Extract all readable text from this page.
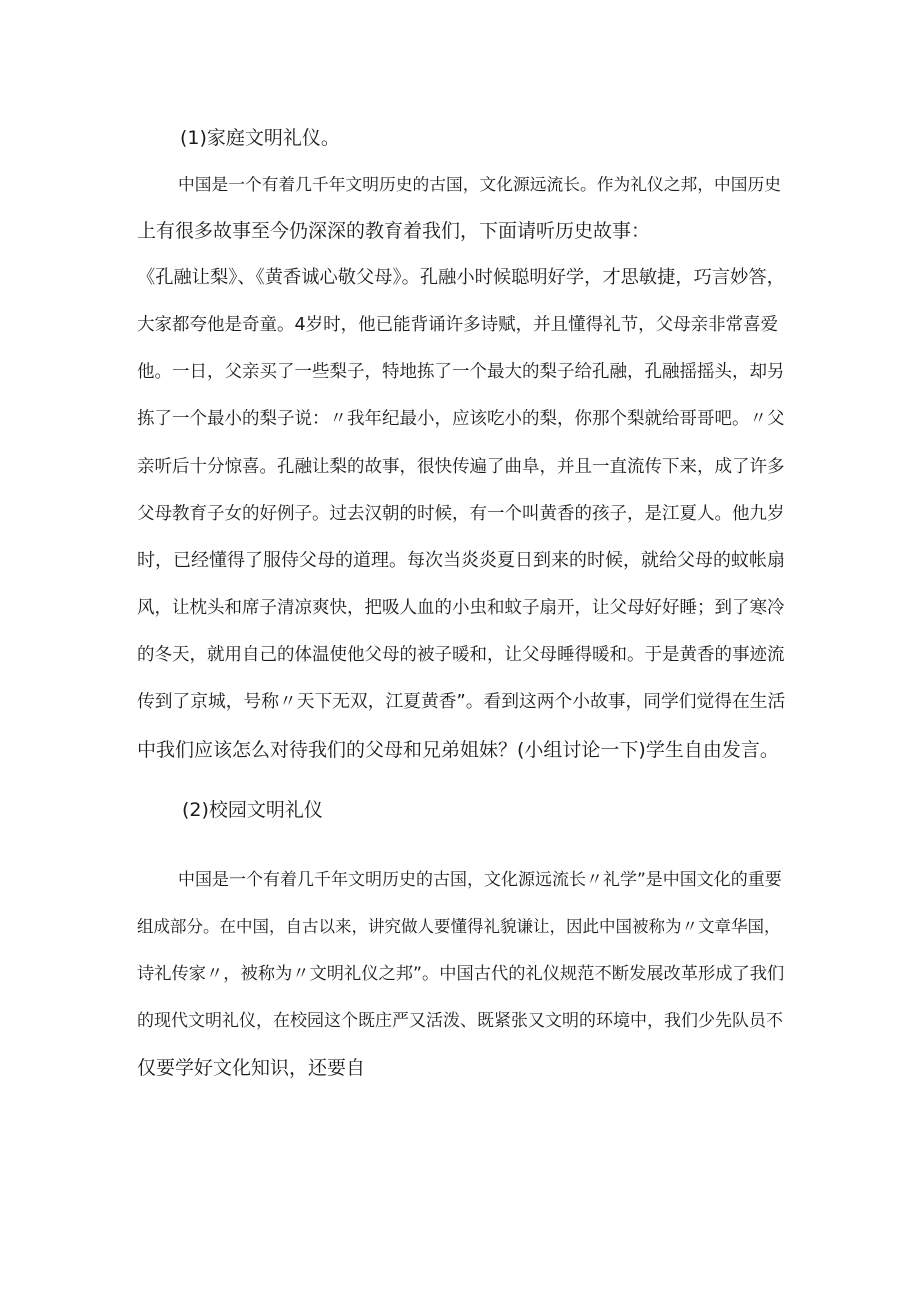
(1)家庭文明礼仪。
中国是一个有着几千年文明历史的古国，文化源远流长。作为礼仪之邦，中国历史
上有很多故事至今仍深深的教育着我们，下面请听历史故事：
《孔融让梨》、《黄香诚心敬父母》。孔融小时候聪明好学，才思敏捷，巧言妙答，
大家都夸他是奇童。4岁时，他已能背诵许多诗赋，并且懂得礼节，父母亲非常喜爱
他。一日，父亲买了一些梨子，特地拣了一个最大的梨子给孔融，孔融摇摇头，却另
拣了一个最小的梨子说：〃我年纪最小，应该吃小的梨，你那个梨就给哥哥吧。〃父
亲听后十分惊喜。孔融让梨的故事，很快传遍了曲阜，并且一直流传下来，成了许多
父母教育子女的好例子。过去汉朝的时候，有一个叫黄香的孩子，是江夏人。他九岁
时，已经懂得了服侍父母的道理。每次当炎炎夏日到来的时候，就给父母的蚊帐扇
风，让枕头和席子清凉爽快，把吸人血的小虫和蚊子扇开，让父母好好睡；到了寒冷
的冬天，就用自己的体温使他父母的被子暖和，让父母睡得暖和。于是黄香的事迹流
传到了京城，号称〃天下无双，江夏黄香”。看到这两个小故事，同学们觉得在生活
中我们应该怎么对待我们的父母和兄弟姐妹？(小组讨论一下)学生自由发言。
(2)校园文明礼仪
中国是一个有着几千年文明历史的古国，文化源远流长〃礼学”是中国文化的重要
组成部分。在中国，自古以来，讲究做人要懂得礼貌谦让，因此中国被称为〃文章华国，
诗礼传家〃，被称为〃文明礼仪之邦”。中国古代的礼仪规范不断发展改革形成了我们
的现代文明礼仪，在校园这个既庄严又活泼、既紧张又文明的环境中，我们少先队员不
仅要学好文化知识，还要自
